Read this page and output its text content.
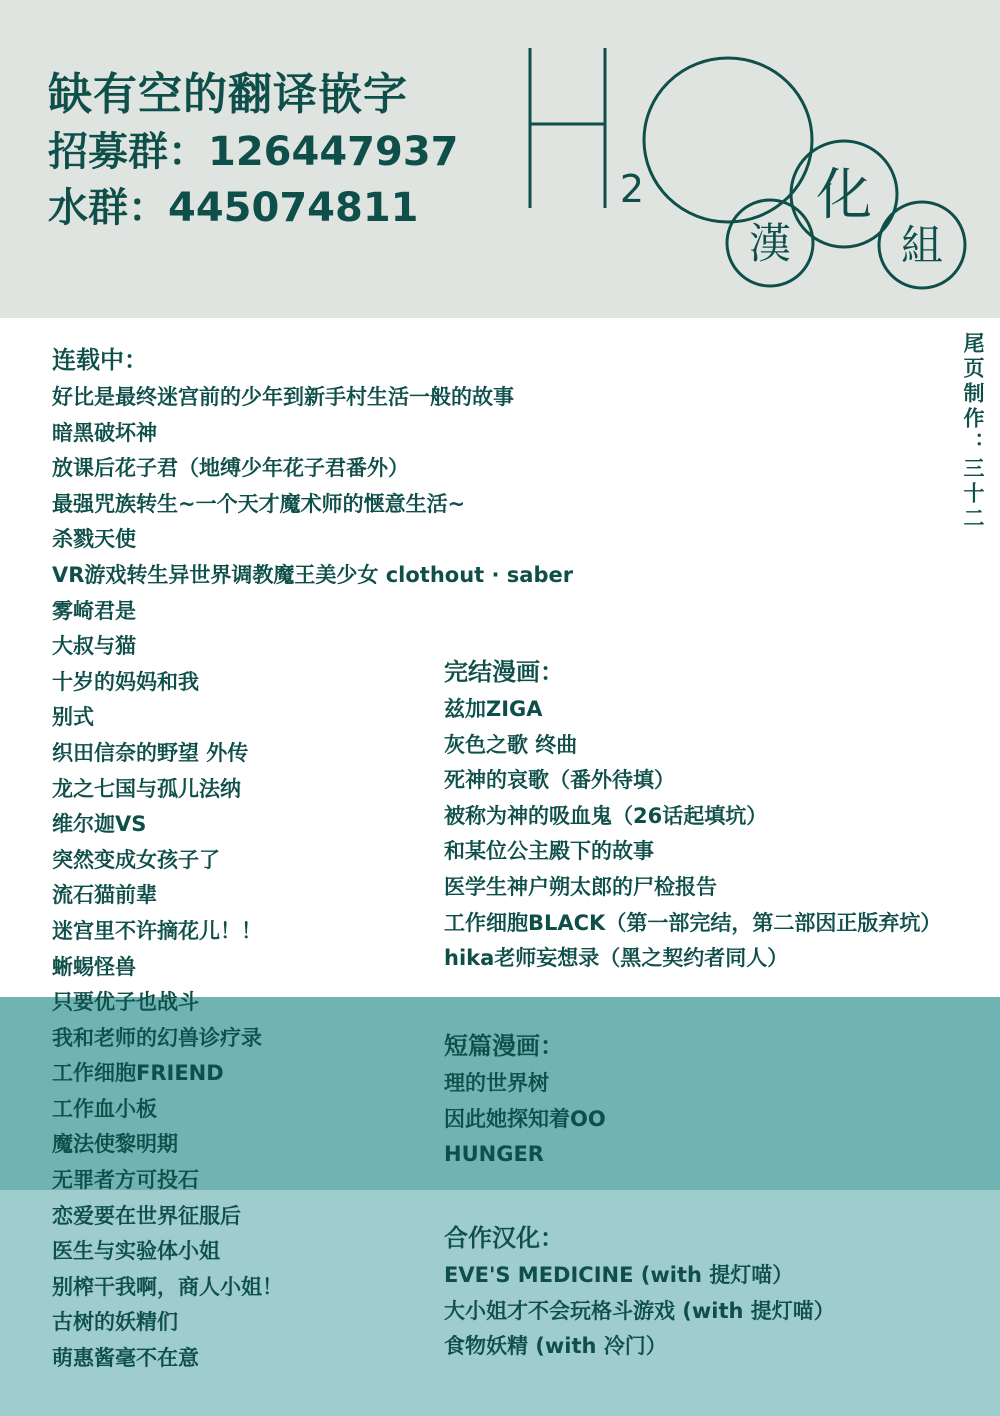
缺有空的翻译嵌字
招募群：126447937
水群：445074811	2
漢
化
組
尾页制作：三十二
连载中：
好比是最终迷宫前的少年到新手村生活一般的故事
暗黑破坏神
放课后花子君（地缚少年花子君番外）
最强咒族转生~一个天才魔术师的惬意生活~
杀戮天使
VR游戏转生异世界调教魔王美少女 clothout · saber
雾崎君是
大叔与猫
十岁的妈妈和我
别式
织田信奈的野望 外传
龙之七国与孤儿法纳
维尔迦VS
突然变成女孩子了
流石猫前辈
迷宫里不许摘花儿！！
蜥蜴怪兽
只要优子也战斗
我和老师的幻兽诊疗录
工作细胞FRIEND
工作血小板
魔法使黎明期
无罪者方可投石
恋爱要在世界征服后
医生与实验体小姐
别榨干我啊，商人小姐！
古树的妖精们
萌惠酱毫不在意
完结漫画：
兹加ZIGA
灰色之歌 终曲
死神的哀歌（番外待填）
被称为神的吸血鬼（26话起填坑）
和某位公主殿下的故事
医学生神户朔太郎的尸检报告
工作细胞BLACK（第一部完结，第二部因正版弃坑）
hika老师妄想录（黑之契约者同人）
短篇漫画：
理的世界树
因此她探知着OO
HUNGER
合作汉化：
EVE'S MEDICINE (with 提灯喵）
大小姐才不会玩格斗游戏 (with 提灯喵）
食物妖精 (with 冷门）
